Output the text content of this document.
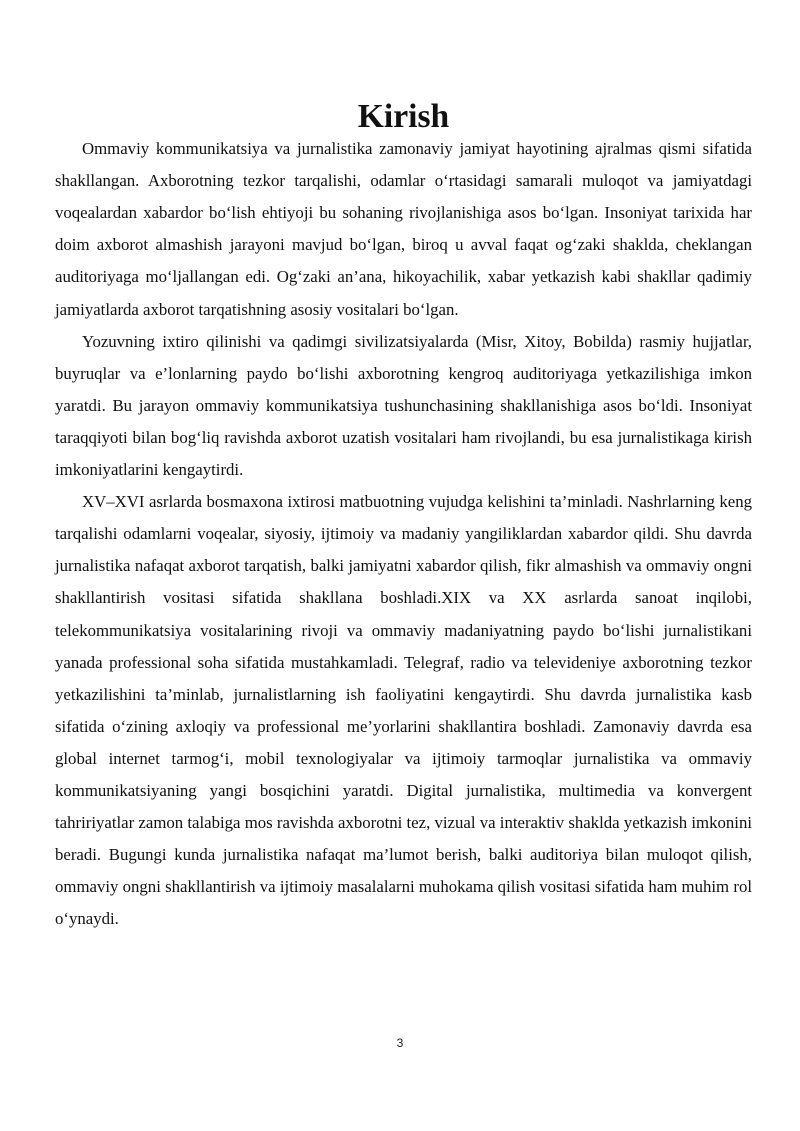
Kirish

Ommaviy kommunikatsiya va jurnalistika zamonaviy jamiyat hayotining ajralmas qismi sifatida shakllangan. Axborotning tezkor tarqalishi, odamlar o‘rtasidagi samarali muloqot va jamiyatdagi voqealardan xabardor bo‘lish ehtiyoji bu sohaning rivojlanishiga asos bo‘lgan. Insoniyat tarixida har doim axborot almashish jarayoni mavjud bo‘lgan, biroq u avval faqat og‘zaki shaklda, cheklangan auditoriyaga mo‘ljallangan edi. Og‘zaki an’ana, hikoyachilik, xabar yetkazish kabi shakllar qadimiy jamiyatlarda axborot tarqatishning asosiy vositalari bo‘lgan.

Yozuvning ixtiro qilinishi va qadimgi sivilizatsiyalarda (Misr, Xitoy, Bobilda) rasmiy hujjatlar, buyruqlar va e’lonlarning paydo bo‘lishi axborotning kengroq auditoriyaga yetkazilishiga imkon yaratdi. Bu jarayon ommaviy kommunikatsiya tushunchasining shakllanishiga asos bo‘ldi. Insoniyat taraqqiyoti bilan bog‘liq ravishda axborot uzatish vositalari ham rivojlandi, bu esa jurnalistikaga kirish imkoniyatlarini kengaytirdi.

XV–XVI asrlarda bosmaxona ixtirosi matbuotning vujudga kelishini ta’minladi. Nashrlarning keng tarqalishi odamlarni voqealar, siyosiy, ijtimoiy va madaniy yangiliklardan xabardor qildi. Shu davrda jurnalistika nafaqat axborot tarqatish, balki jamiyatni xabardor qilish, fikr almashish va ommaviy ongni shakllantirish vositasi sifatida shakllana boshladi.XIX va XX asrlarda sanoat inqilobi, telekommunikatsiya vositalarining rivoji va ommaviy madaniyatning paydo bo‘lishi jurnalistikani yanada professional soha sifatida mustahkamladi. Telegraf, radio va televideniye axborotning tezkor yetkazilishini ta’minlab, jurnalistlarning ish faoliyatini kengaytirdi. Shu davrda jurnalistika kasb sifatida o‘zining axloqiy va professional me’yorlarini shakllantira boshladi. Zamonaviy davrda esa global internet tarmog‘i, mobil texnologiyalar va ijtimoiy tarmoqlar jurnalistika va ommaviy kommunikatsiyaning yangi bosqichini yaratdi. Digital jurnalistika, multimedia va konvergent tahririyatlar zamon talabiga mos ravishda axborotni tez, vizual va interaktiv shaklda yetkazish imkonini beradi. Bugungi kunda jurnalistika nafaqat ma’lumot berish, balki auditoriya bilan muloqot qilish, ommaviy ongni shakllantirish va ijtimoiy masalalarni muhokama qilish vositasi sifatida ham muhim rol o‘ynaydi.

3
